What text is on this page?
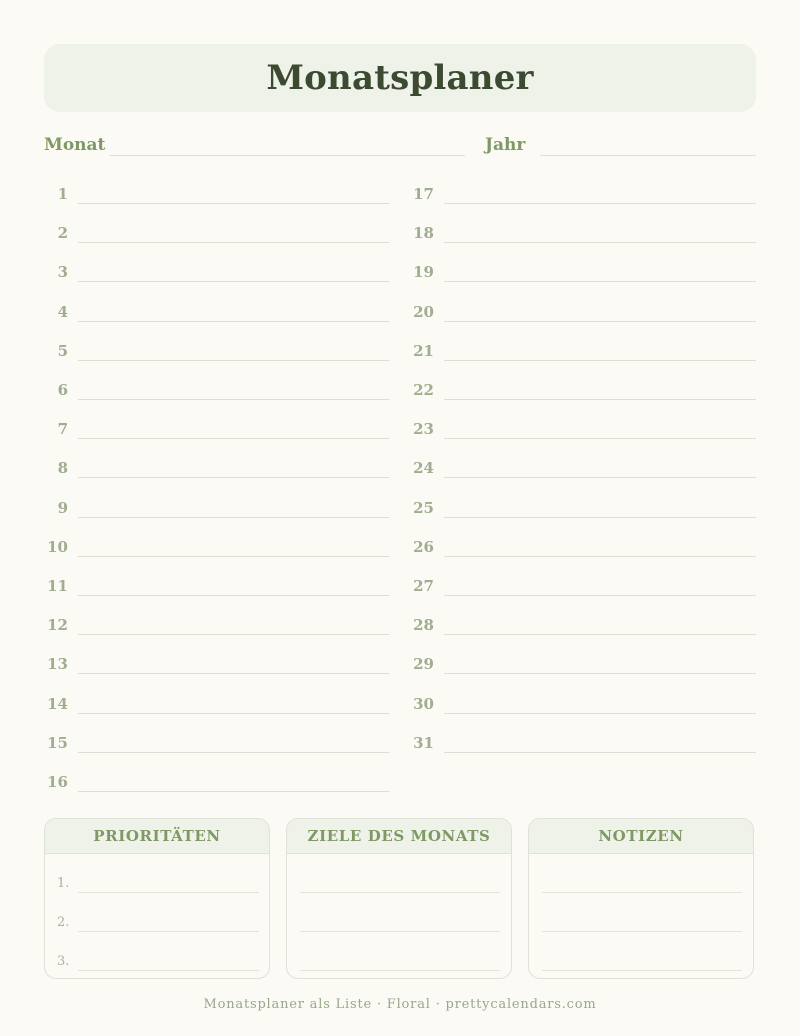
Monatsplaner
Monat	Jahr
1
2
3
4
5
6
7
8
9
10
11
12
13
14
15
16
17
18
19
20
21
22
23
24
25
26
27
28
29
30
31
PRIORITÄTEN
1.
2.
3.
ZIELE DES MONATS	NOTIZEN
Monatsplaner als Liste · Floral · prettycalendars.com
